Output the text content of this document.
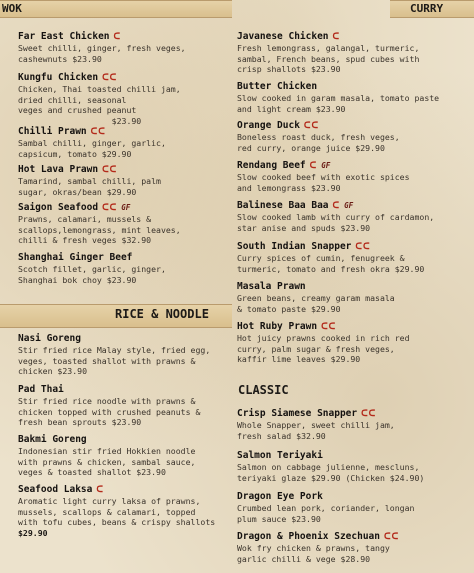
WOK	CURRY
RICE & NOODLE
CLASSIC
Far East Chicken ᑕ
Sweet chilli, ginger, fresh veges,
cashewnuts $23.90
Kungfu Chicken ᑕᑕ
Chicken, Thai toasted chilli jam,
dried chilli, seasonal
veges and crushed peanut
$23.90
Chilli Prawn ᑕᑕ
Sambal chilli, ginger, garlic,
capsicum, tomato $29.90
Hot Lava Prawn ᑕᑕ
Tamarind, sambal chilli, palm
sugar, okras/bean $29.90
Saigon Seafood ᑕᑕ GF
Prawns, calamari, mussels &
scallops,lemongrass, mint leaves,
chilli & fresh veges $32.90
Shanghai Ginger Beef
Scotch fillet, garlic, ginger,
Shanghai bok choy $23.90
Nasi Goreng
Stir fried rice Malay style, fried egg,
veges, toasted shallot with prawns &
chicken $23.90
Pad Thai
Stir fried rice noodle with prawns &
chicken topped with crushed peanuts &
fresh bean sprouts $23.90
Bakmi Goreng
Indonesian stir fried Hokkien noodle
with prawns & chicken, sambal sauce,
veges & toasted shallot $23.90
Seafood Laksa ᑕ
Aromatic light curry laksa of prawns,
mussels, scallops & calamari, topped
with tofu cubes, beans & crispy shallots
$29.90
Javanese Chicken ᑕ
Fresh lemongrass, galangal, turmeric,
sambal, French beans, spud cubes with
crisp shallots $23.90
Butter Chicken
Slow cooked in garam masala, tomato paste
and light cream $23.90
Orange Duck ᑕᑕ
Boneless roast duck, fresh veges,
red curry, orange juice $29.90
Rendang Beef ᑕ GF
Slow cooked beef with exotic spices
and lemongrass $23.90
Balinese Baa Baa ᑕ GF
Slow cooked lamb with curry of cardamon,
star anise and spuds $23.90
South Indian Snapper ᑕᑕ
Curry spices of cumin, fenugreek &
turmeric, tomato and fresh okra $29.90
Masala Prawn
Green beans, creamy garam masala
& tomato paste $29.90
Hot Ruby Prawn ᑕᑕ
Hot juicy prawns cooked in rich red
curry, palm sugar & fresh veges,
kaffir lime leaves $29.90
Crisp Siamese Snapper ᑕᑕ
Whole Snapper, sweet chilli jam,
fresh salad $32.90
Salmon Teriyaki
Salmon on cabbage julienne, mescluns,
teriyaki glaze $29.90 (Chicken $24.90)
Dragon Eye Pork
Crumbed lean pork, coriander, longan
plum sauce $23.90
Dragon & Phoenix Szechuan ᑕᑕ
Wok fry chicken & prawns, tangy
garlic chilli & vege $28.90
